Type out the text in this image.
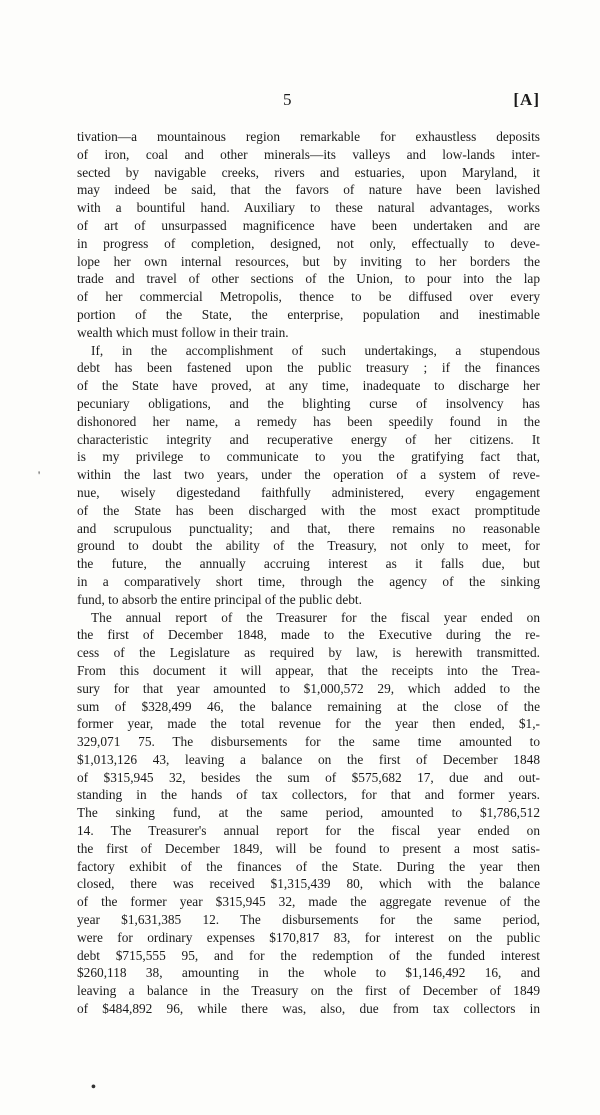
5	[A]
tivation—a mountainous region remarkable for exhaustless deposits
of iron, coal and other minerals—its valleys and low-lands inter-
sected by navigable creeks, rivers and estuaries, upon Maryland, it
may indeed be said, that the favors of nature have been lavished
with a bountiful hand. Auxiliary to these natural advantages, works
of art of unsurpassed magnificence have been undertaken and are
in progress of completion, designed, not only, effectually to deve-
lope her own internal resources, but by inviting to her borders the
trade and travel of other sections of the Union, to pour into the lap
of her commercial Metropolis, thence to be diffused over every
portion of the State, the enterprise, population and inestimable
wealth which must follow in their train.
If, in the accomplishment of such undertakings, a stupendous
debt has been fastened upon the public treasury ; if the finances
of the State have proved, at any time, inadequate to discharge her
pecuniary obligations, and the blighting curse of insolvency has
dishonored her name, a remedy has been speedily found in the
characteristic integrity and recuperative energy of her citizens. It
is my privilege to communicate to you the gratifying fact that,
within the last two years, under the operation of a system of reve-
nue, wisely digestedand faithfully administered, every engagement
of the State has been discharged with the most exact promptitude
and scrupulous punctuality; and that, there remains no reasonable
ground to doubt the ability of the Treasury, not only to meet, for
the future, the annually accruing interest as it falls due, but
in a comparatively short time, through the agency of the sinking
fund, to absorb the entire principal of the public debt.
The annual report of the Treasurer for the fiscal year ended on
the first of December 1848, made to the Executive during the re-
cess of the Legislature as required by law, is herewith transmitted.
From this document it will appear, that the receipts into the Trea-
sury for that year amounted to $1,000,572 29, which added to the
sum of $328,499 46, the balance remaining at the close of the
former year, made the total revenue for the year then ended, $1,-
329,071 75. The disbursements for the same time amounted to
$1,013,126 43, leaving a balance on the first of December 1848
of $315,945 32, besides the sum of $575,682 17, due and out-
standing in the hands of tax collectors, for that and former years.
The sinking fund, at the same period, amounted to $1,786,512
14. The Treasurer's annual report for the fiscal year ended on
the first of December 1849, will be found to present a most satis-
factory exhibit of the finances of the State. During the year then
closed, there was received $1,315,439 80, which with the balance
of the former year $315,945 32, made the aggregate revenue of the
year $1,631,385 12. The disbursements for the same period,
were for ordinary expenses $170,817 83, for interest on the public
debt $715,555 95, and for the redemption of the funded interest
$260,118 38, amounting in the whole to $1,146,492 16, and
leaving a balance in the Treasury on the first of December of 1849
of $484,892 96, while there was, also, due from tax collectors in
'
•
